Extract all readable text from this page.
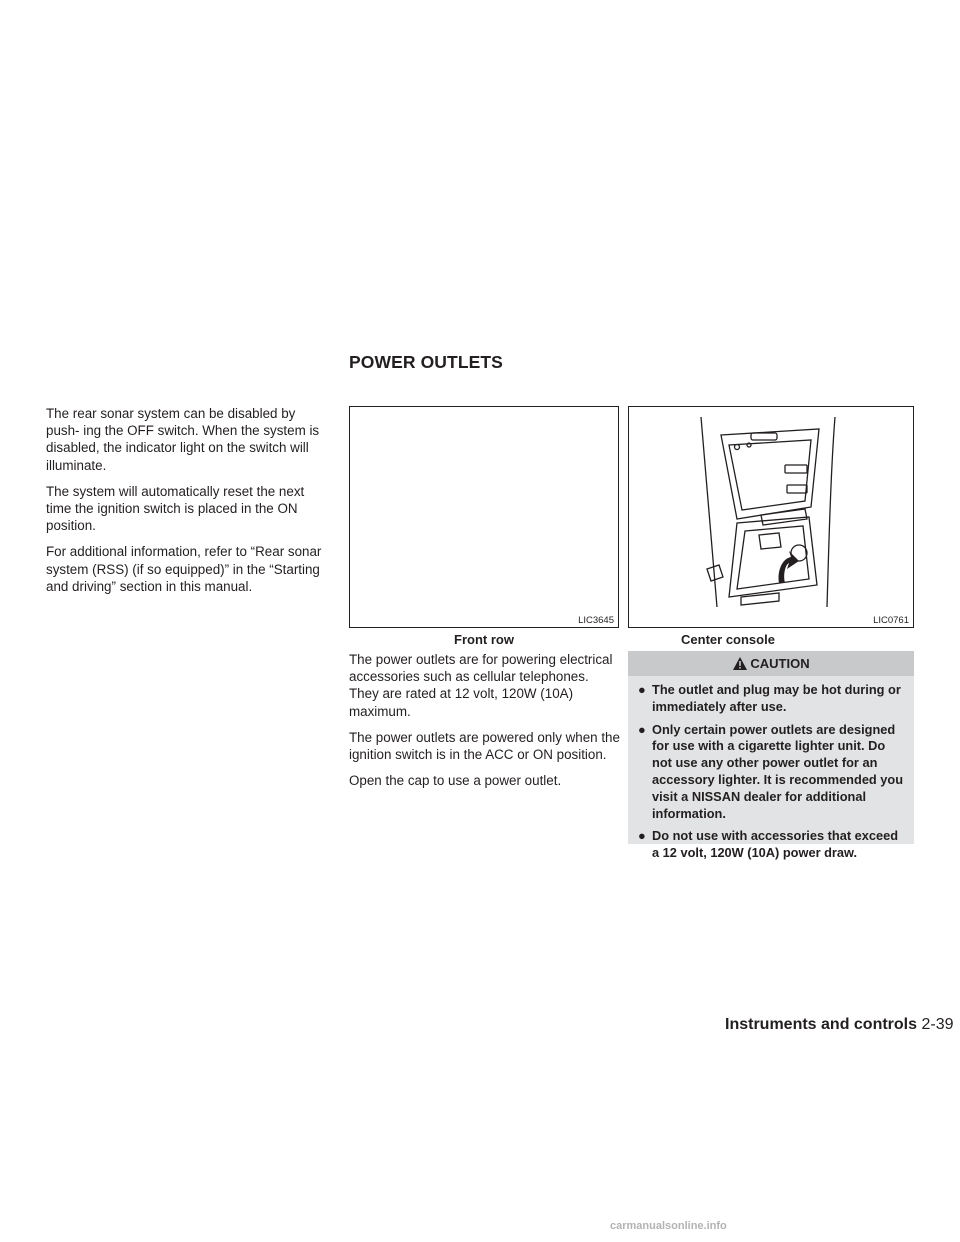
The rear sonar system can be disabled by push- ing the OFF switch. When the system is disabled, the indicator light on the switch will illuminate.

The system will automatically reset the next time the ignition switch is placed in the ON position.

For additional information, refer to “Rear sonar system (RSS) (if so equipped)” in the “Starting and driving” section in this manual.

POWER OUTLETS
LIC3645
Front row
LIC0761
Center console

The power outlets are for powering electrical accessories such as cellular telephones. They are rated at 12 volt, 120W (10A) maximum.

The power outlets are powered only when the ignition switch is in the ACC or ON position.

Open the cap to use a power outlet.

CAUTION
● The outlet and plug may be hot during or immediately after use.
● Only certain power outlets are designed for use with a cigarette lighter unit. Do not use any other power outlet for an accessory lighter. It is recommended you visit a NISSAN dealer for additional information.
● Do not use with accessories that exceed a 12 volt, 120W (10A) power draw.
Instruments and controls 2-39
carmanualsonline.info
